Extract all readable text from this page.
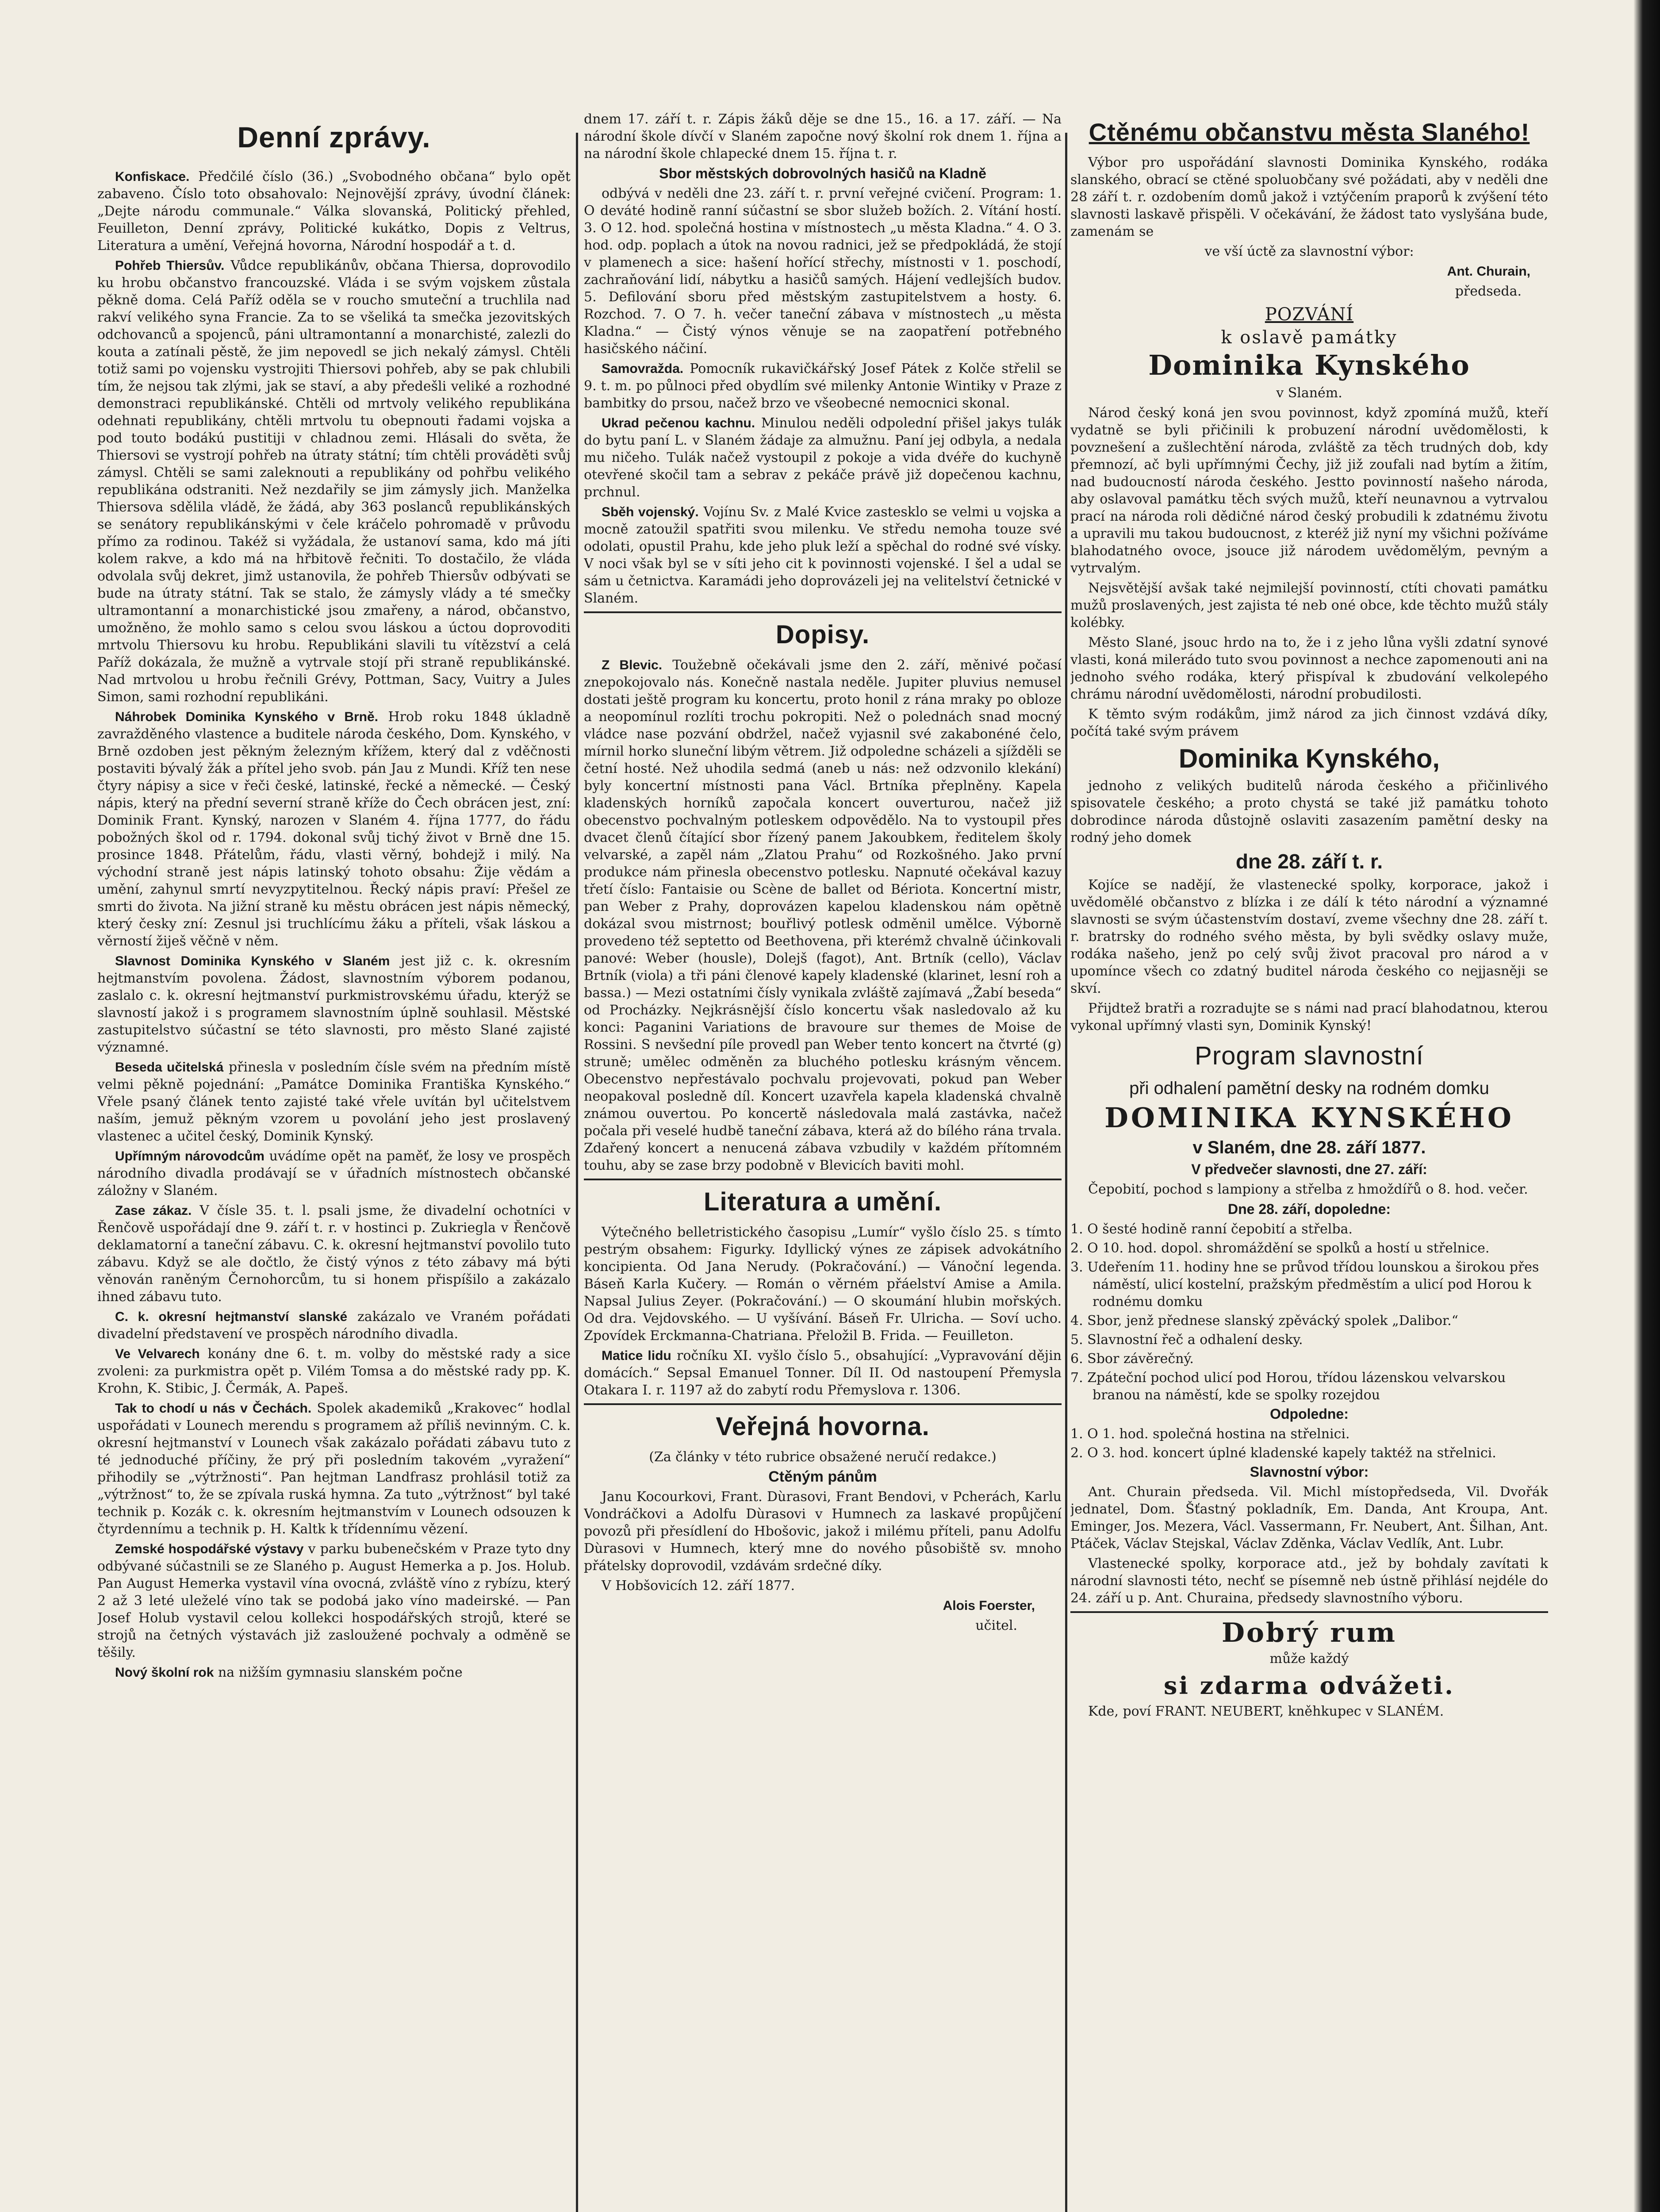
Denní zprávy.

Konfiskace. Předčilé číslo (36.) „Svobodného občana“ bylo opět zabaveno. Číslo toto obsahovalo: Nejnovější zprávy, úvodní článek: „Dejte národu communale.“ Válka slovanská, Politický přehled, Feuilleton, Denní zprávy, Politické kukátko, Dopis z Veltrus, Literatura a umění, Veřejná hovorna, Národní hospodář a t. d.

Pohřeb Thiersův. Vůdce republikánův, občana Thiersa, doprovodilo ku hrobu občanstvo francouzské. Vláda i se svým vojskem zůstala pěkně doma. Celá Paříž oděla se v roucho smuteční a truchlila nad rakví velikého syna Francie. Za to se všeliká ta smečka jezovitských odchovanců a spojenců, páni ultramontanní a monarchisté, zalezli do kouta a zatínali pěstě, že jim nepovedl se jich nekalý zámysl. Chtěli totiž sami po vojensku vystrojiti Thiersovi pohřeb, aby se pak chlubili tím, že nejsou tak zlými, jak se staví, a aby předešli veliké a rozhodné demonstraci republikánské. Chtěli od mrtvoly velikého republikána odehnati republikány, chtěli mrtvolu tu obepnouti řadami vojska a pod touto bodákú pustitiji v chladnou zemi. Hlásali do světa, že Thiersovi se vystrojí pohřeb na útraty státní; tím chtěli prováděti svůj zámysl. Chtěli se sami zaleknouti a republikány od pohřbu velikého republikána odstraniti. Než nezdařily se jim zámysly jich. Manželka Thiersova sdělila vládě, že žádá, aby 363 poslanců republikánských se senátory republikánskými v čele kráčelo pohromadě v průvodu přímo za rodinou. Takéž si vyžádala, že ustanoví sama, kdo má jíti kolem rakve, a kdo má na hřbitově řečniti. To dostačilo, že vláda odvolala svůj dekret, jimž ustanovila, že pohřeb Thiersův odbývati se bude na útraty státní. Tak se stalo, že zámysly vlády a té smečky ultramontanní a monarchistické jsou zmařeny, a národ, občanstvo, umožněno, že mohlo samo s celou svou láskou a úctou doprovoditi mrtvolu Thiersovu ku hrobu. Republikáni slavili tu vítězství a celá Paříž dokázala, že mužně a vytrvale stojí při straně republikánské. Nad mrtvolou u hrobu řečnili Grévy, Pottman, Sacy, Vuitry a Jules Simon, sami rozhodní republikáni.

Náhrobek Dominika Kynského v Brně. Hrob roku 1848 úkladně zavražděného vlastence a buditele národa českého, Dom. Kynského, v Brně ozdoben jest pěkným železným křížem, který dal z vděčnosti postaviti bývalý žák a přítel jeho svob. pán Jau z Mundi. Kříž ten nese čtyry nápisy a sice v řeči české, latinské, řecké a německé. — Český nápis, který na přední severní straně kříže do Čech obrácen jest, zní: Dominik Frant. Kynský, narozen v Slaném 4. října 1777, do řádu pobožných škol od r. 1794. dokonal svůj tichý život v Brně dne 15. prosince 1848. Přátelům, řádu, vlasti věrný, bohdejž i milý. Na východní straně jest nápis latinský tohoto obsahu: Žije vědám a umění, zahynul smrtí nevyzpytitelnou. Řecký nápis praví: Přešel ze smrti do života. Na jižní straně ku městu obrácen jest nápis německý, který česky zní: Zesnul jsi truchlícímu žáku a příteli, však láskou a věrností žiješ věčně v něm.

Slavnost Dominika Kynského v Slaném jest již c. k. okresním hejtmanstvím povolena. Žádost, slavnostním výborem podanou, zaslalo c. k. okresní hejtmanství purkmistrovskému úřadu, kterýž se slavností jakož i s programem slavnostním úplně souhlasil. Městské zastupitelstvo súčastní se této slavnosti, pro město Slané zajisté významné.

Beseda učitelská přinesla v posledním čísle svém na předním místě velmi pěkně pojednání: „Památce Dominika Františka Kynského.“ Vřele psaný článek tento zajisté také vřele uvítán byl učitelstvem naším, jemuž pěkným vzorem u povolání jeho jest proslavený vlastenec a učitel český, Dominik Kynský.

Upřímným nárovodcům uvádíme opět na paměť, že losy ve prospěch národního divadla prodávají se v úřadních místnostech občanské záložny v Slaném.

Zase zákaz. V čísle 35. t. l. psali jsme, že divadelní ochotníci v Řenčově uspořádají dne 9. září t. r. v hostinci p. Zukriegla v Řenčově deklamatorní a taneční zábavu. C. k. okresní hejtmanství povolilo tuto zábavu. Když se ale dočtlo, že čistý výnos z této zábavy má býti věnován raněným Černohorcům, tu si honem přispíšilo a zakázalo ihned zábavu tuto.

C. k. okresní hejtmanství slanské zakázalo ve Vraném pořádati divadelní představení ve prospěch národního divadla.

Ve Velvarech konány dne 6. t. m. volby do městské rady a sice zvoleni: za purkmistra opět p. Vilém Tomsa a do městské rady pp. K. Krohn, K. Stibic, J. Čermák, A. Papeš.

Tak to chodí u nás v Čechách. Spolek akademiků „Krakovec“ hodlal uspořádati v Lounech merendu s programem až příliš nevinným. C. k. okresní hejtmanství v Lounech však zakázalo pořádati zábavu tuto z té jednoduché příčiny, že prý při posledním takovém „vyražení“ přihodily se „výtržnosti“. Pan hejtman Landfrasz prohlásil totiž za „výtržnost“ to, že se zpívala ruská hymna. Za tuto „výtržnost“ byl také technik p. Kozák c. k. okresním hejtmanstvím v Lounech odsouzen k čtyrdennímu a technik p. H. Kaltk k třídennímu vězení.

Zemské hospodářské výstavy v parku bubenečském v Praze tyto dny odbývané súčastnili se ze Slaného p. August Hemerka a p. Jos. Holub. Pan August Hemerka vystavil vína ovocná, zvláště víno z rybízu, který 2 až 3 leté uleželé víno tak se podobá jako víno madeirské. — Pan Josef Holub vystavil celou kollekci hospodářských strojů, které se strojů na četných výstavách již zasloužené pochvaly a odměně se těšily.

Nový školní rok na nižším gymnasiu slanském počne

dnem 17. září t. r. Zápis žáků děje se dne 15., 16. a 17. září. — Na národní škole dívčí v Slaném započne nový školní rok dnem 1. října a na národní škole chlapecké dnem 15. října t. r.

Sbor městských dobrovolných hasičů na Kladně

odbývá v neděli dne 23. září t. r. první veřejné cvičení. Program: 1. O deváté hodině ranní súčastní se sbor služeb božích. 2. Vítání hostí. 3. O 12. hod. společná hostina v místnostech „u města Kladna.“ 4. O 3. hod. odp. poplach a útok na novou radnici, jež se předpokládá, že stojí v plamenech a sice: hašení hořící střechy, místnosti v 1. poschodí, zachraňování lidí, nábytku a hasičů samých. Hájení vedlejších budov. 5. Defilování sboru před městským zastupitelstvem a hosty. 6. Rozchod. 7. O 7. h. večer taneční zábava v místnostech „u města Kladna.“ — Čistý výnos věnuje se na zaopatření potřebného hasičského náčiní.

Samovražda. Pomocník rukavičkářský Josef Pátek z Kolče střelil se 9. t. m. po půlnoci před obydlím své milenky Antonie Wintiky v Praze z bambitky do prsou, načež brzo ve všeobecné nemocnici skonal.

Ukrad pečenou kachnu. Minulou neděli odpolední přišel jakys tulák do bytu paní L. v Slaném žádaje za almužnu. Paní jej odbyla, a nedala mu ničeho. Tulák načež vystoupil z pokoje a vida dvéře do kuchyně otevřené skočil tam a sebrav z pekáče právě již dopečenou kachnu, prchnul.

Sběh vojenský. Vojínu Sv. z Malé Kvice zastesklo se velmi u vojska a mocně zatoužil spatřiti svou milenku. Ve středu nemoha touze své odolati, opustil Prahu, kde jeho pluk leží a spěchal do rodné své vísky. V noci však byl se v síti jeho cit k povinnosti vojenské. I šel a udal se sám u četnictva. Karamádi jeho doprovázeli jej na velitelství četnické v Slaném.

Dopisy.

Z Blevic. Toužebně očekávali jsme den 2. září, měnivé počasí znepokojovalo nás. Konečně nastala neděle. Jupiter pluvius nemusel dostati ještě program ku koncertu, proto honil z rána mraky po obloze a neopomínul rozlíti trochu pokropiti. Než o polednách snad mocný vládce nase pozvání obdržel, načež vyjasnil své zakabonéné čelo, mírnil horko sluneční libým větrem. Již odpoledne scházeli a sjížděli se četní hosté. Než uhodila sedmá (aneb u nás: než odzvonilo klekání) byly koncertní místnosti pana Václ. Brtníka přeplněny. Kapela kladenských horníků započala koncert ouverturou, načež již obecenstvo pochvalným potleskem odpovědělo. Na to vystoupil přes dvacet členů čítající sbor řízený panem Jakoubkem, ředitelem školy velvarské, a zapěl nám „Zlatou Prahu“ od Rozkošného. Jako první produkce nám přinesla obecenstvo potlesku. Napnuté očekával kazuy třetí číslo: Fantaisie ou Scène de ballet od Bériota. Koncertní mistr, pan Weber z Prahy, doprovázen kapelou kladenskou nám opětně dokázal svou mistrnost; bouřlivý potlesk odměnil umělce. Výborně provedeno též septetto od Beethovena, při kterémž chvalně účinkovali panové: Weber (housle), Dolejš (fagot), Ant. Brtník (cello), Václav Brtník (viola) a tři páni členové kapely kladenské (klarinet, lesní roh a bassa.) — Mezi ostatními čísly vynikala zvláště zajímavá „Žabí beseda“ od Procházky. Nejkrásnější číslo koncertu však nasledovalo až ku konci: Paganini Variations de bravoure sur themes de Moise de Rossini. S nevšední píle provedl pan Weber tento koncert na čtvrté (g) struně; umělec odměněn za bluchého potlesku krásným věncem. Obecenstvo nepřestávalo pochvalu projevovati, pokud pan Weber neopakoval posledně díl. Koncert uzavřela kapela kladenská chvalně známou ouvertou. Po koncertě následovala malá zastávka, načež počala při veselé hudbě taneční zábava, která až do bílého rána trvala. Zdařený koncert a nenucená zábava vzbudily v každém přítomném touhu, aby se zase brzy podobně v Blevicích baviti mohl.

Literatura a umění.

Výtečného belletristického časopisu „Lumír“ vyšlo číslo 25. s tímto pestrým obsahem: Figurky. Idyllický výnes ze zápisek advokátního koncipienta. Od Jana Nerudy. (Pokračování.) — Vánoční legenda. Báseň Karla Kučery. — Román o věrném přáelství Amise a Amila. Napsal Julius Zeyer. (Pokračování.) — O skoumání hlubin mořských. Od dra. Vejdovského. — U vyšívání. Báseň Fr. Ulricha. — Soví ucho. Zpovídek Erckmanna-Chatriana. Přeložil B. Frida. — Feuilleton.

Matice lidu ročníku XI. vyšlo číslo 5., obsahující: „Vypravování dějin domácích.“ Sepsal Emanuel Tonner. Díl II. Od nastoupení Přemysla Otakara I. r. 1197 až do zabytí rodu Přemyslova r. 1306.

Veřejná hovorna.

(Za články v této rubrice obsažené neručí redakce.)

Ctěným pánům

Janu Kocourkovi, Frant. Dùrasovi, Frant Bendovi, v Pcherách, Karlu Vondráčkovi a Adolfu Dùrasovi v Humnech za laskavé propůjčení povozů při přesídlení do Hbošovic, jakož i milému příteli, panu Adolfu Dùrasovi v Humnech, který mne do nového působiště sv. mnoho přátelsky doprovodil, vzdávám srdečné díky.

V Hobšovicích 12. září 1877.

Alois Foerster,

učitel.

Ctěnému občanstvu města Slaného!

Výbor pro uspořádání slavnosti Dominika Kynského, rodáka slanského, obrací se ctěné spoluobčany své požádati, aby v neděli dne 28 září t. r. ozdobením domů jakož i vztýčením praporů k zvýšení této slavnosti laskavě přispěli. V očekávání, že žádost tato vyslyšána bude, zamenám se

ve vší úctě za slavnostní výbor:

Ant. Churain,

předseda.

POZVÁNÍ

k oslavě památky

Dominika Kynského

v Slaném.

Národ český koná jen svou povinnost, když zpomíná mužů, kteří vydatně se byli přičinili k probuzení národní uvědomělosti, k povznešení a zušlechtění národa, zvláště za těch trudných dob, kdy přemnozí, ač byli upřímnými Čechy, již již zoufali nad bytím a žitím, nad budoucností národa českého. Jestto povinností našeho národa, aby oslavoval památku těch svých mužů, kteří neunavnou a vytrvalou prací na národa roli dědičné národ český probudili k zdatnému životu a upravili mu takou budoucnost, z kteréž již nyní my všichni požíváme blahodatného ovoce, jsouce již národem uvědomělým, pevným a vytrvalým.

Nejsvětější avšak také nejmilejší povinností, ctíti chovati památku mužů proslavených, jest zajista té neb oné obce, kde těchto mužů stály kolébky.

Město Slané, jsouc hrdo na to, že i z jeho lůna vyšli zdatní synové vlasti, koná milerádo tuto svou povinnost a nechce zapomenouti ani na jednoho svého rodáka, který přispíval k zbudování velkolepého chrámu národní uvědomělosti, národní probudilosti.

K těmto svým rodákům, jimž národ za jich činnost vzdává díky, počítá také svým právem

Dominika Kynského,

jednoho z velikých buditelů národa českého a přičinlivého spisovatele českého; a proto chystá se také již památku tohoto dobrodince národa důstojně oslaviti zasazením pamětní desky na rodný jeho domek

dne 28. září t. r.

Kojíce se nadějí, že vlastenecké spolky, korporace, jakož i uvědomělé občanstvo z blízka i ze dálí k této národní a významné slavnosti se svým účastenstvím dostaví, zveme všechny dne 28. září t. r. bratrsky do rodného svého města, by byli svědky oslavy muže, rodáka našeho, jenž po celý svůj život pracoval pro národ a v upomínce všech co zdatný buditel národa českého co nejjasněji se skví.

Přijdtež bratři a rozradujte se s námi nad prací blahodatnou, kterou vykonal upřímný vlasti syn, Dominik Kynský!

Program slavnostní

při odhalení pamětní desky na rodném domku

DOMINIKA KYNSKÉHO

v Slaném, dne 28. září 1877.

V předvečer slavnosti, dne 27. září:

Čepobití, pochod s lampiony a střelba z hmoždířů o 8. hod. večer.

Dne 28. září, dopoledne:

1. O šesté hodině ranní čepobití a střelba.

2. O 10. hod. dopol. shromáždění se spolků a hostí u střelnice.

3. Udeřením 11. hodiny hne se průvod třídou lounskou a širokou přes náměstí, ulicí kostelní, pražským předměstím a ulicí pod Horou k rodnému domku

4. Sbor, jenž přednese slanský zpěvácký spolek „Dalibor.“

5. Slavnostní řeč a odhalení desky.

6. Sbor závěrečný.

7. Zpáteční pochod ulicí pod Horou, třídou lázenskou velvarskou branou na náměstí, kde se spolky rozejdou

Odpoledne:

1. O 1. hod. společná hostina na střelnici.

2. O 3. hod. koncert úplné kladenské kapely taktéž na střelnici.

Slavnostní výbor:

Ant. Churain předseda. Vil. Michl místopředseda, Vil. Dvořák jednatel, Dom. Šťastný pokladník, Em. Danda, Ant Kroupa, Ant. Eminger, Jos. Mezera, Václ. Vassermann, Fr. Neubert, Ant. Šilhan, Ant. Ptáček, Václav Stejskal, Václav Zděnka, Václav Vedlík, Ant. Lubr.

Vlastenecké spolky, korporace atd., jež by bohdaly zavítati k národní slavnosti této, nechť se písemně neb ústně přihlásí nejdéle do 24. září u p. Ant. Churaina, předsedy slavnostního výboru.

Dobrý rum

může každý

si zdarma odvážeti.

Kde, poví FRANT. NEUBERT, kněhkupec v SLANÉM.
